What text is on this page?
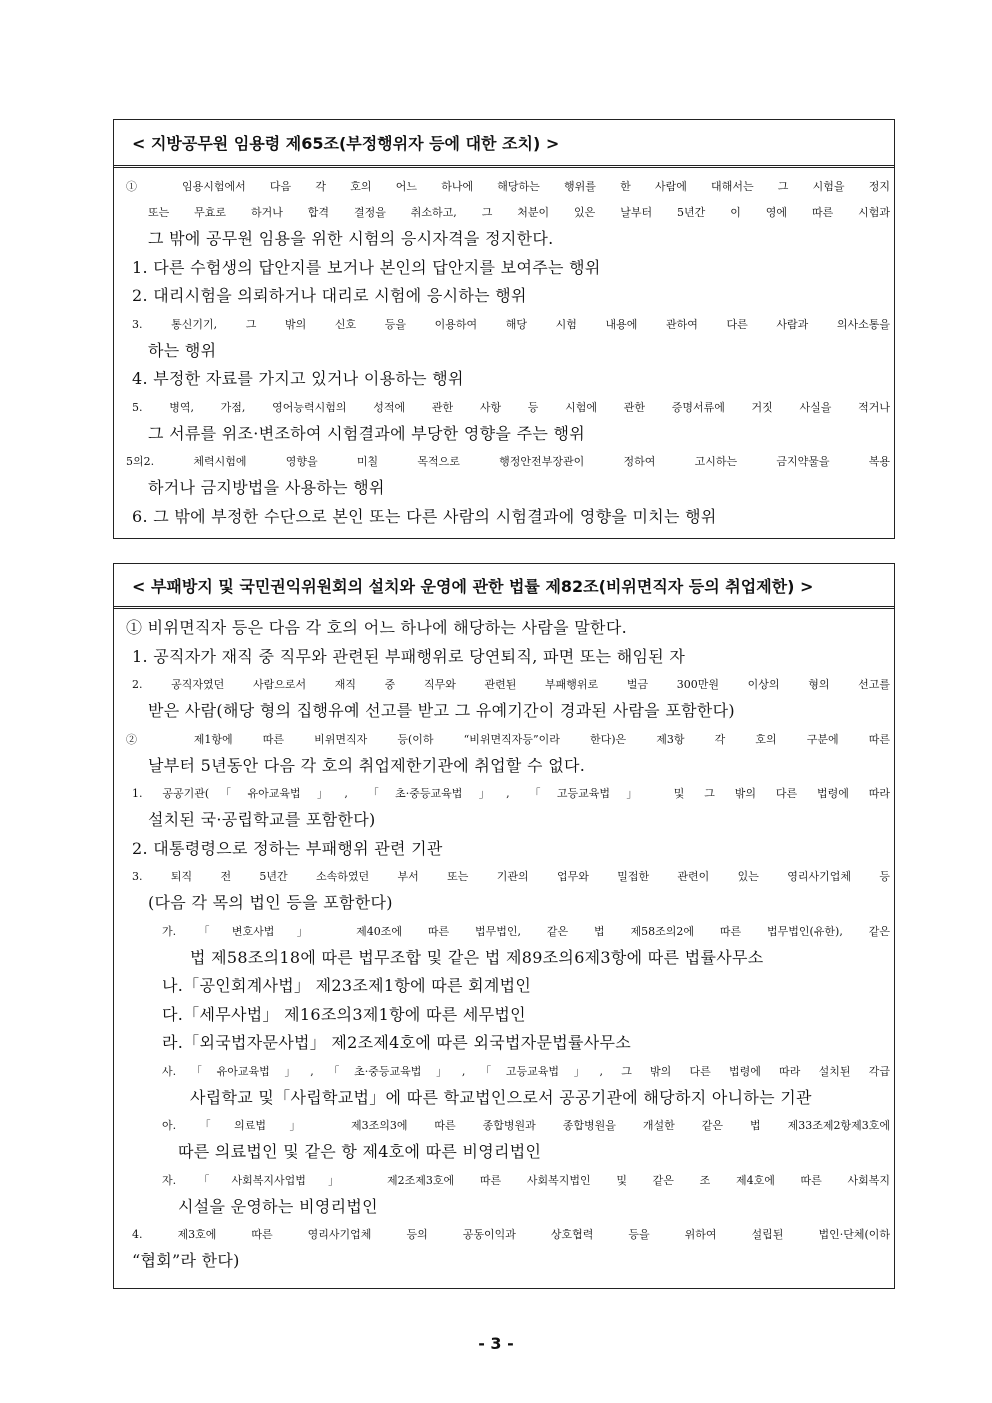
< 지방공무원 임용령 제65조(부정행위자 등에 대한 조치) >
① 임용시험에서 다음 각 호의 어느 하나에 해당하는 행위를 한 사람에 대해서는 그 시험을 정지
또는 무효로 하거나 합격 결정을 취소하고, 그 처분이 있은 날부터 5년간 이 영에 따른 시험과
그 밖에 공무원 임용을 위한 시험의 응시자격을 정지한다.
1. 다른 수험생의 답안지를 보거나 본인의 답안지를 보여주는 행위
2. 대리시험을 의뢰하거나 대리로 시험에 응시하는 행위
3. 통신기기, 그 밖의 신호 등을 이용하여 해당 시험 내용에 관하여 다른 사람과 의사소통을
하는 행위
4. 부정한 자료를 가지고 있거나 이용하는 행위
5. 병역, 가점, 영어능력시험의 성적에 관한 사항 등 시험에 관한 증명서류에 거짓 사실을 적거나
그 서류를 위조·변조하여 시험결과에 부당한 영향을 주는 행위
5의2. 체력시험에 영향을 미칠 목적으로 행정안전부장관이 정하여 고시하는 금지약물을 복용
하거나 금지방법을 사용하는 행위
6. 그 밖에 부정한 수단으로 본인 또는 다른 사람의 시험결과에 영향을 미치는 행위
< 부패방지 및 국민권익위원회의 설치와 운영에 관한 법률 제82조(비위면직자 등의 취업제한) >
① 비위면직자 등은 다음 각 호의 어느 하나에 해당하는 사람을 말한다.
1. 공직자가 재직 중 직무와 관련된 부패행위로 당연퇴직, 파면 또는 해임된 자
2. 공직자였던 사람으로서 재직 중 직무와 관련된 부패행위로 벌금 300만원 이상의 형의 선고를
받은 사람(해당 형의 집행유예 선고를 받고 그 유예기간이 경과된 사람을 포함한다)
② 제1항에 따른 비위면직자 등(이하 “비위면직자등”이라 한다)은 제3항 각 호의 구분에 따른
날부터 5년동안 다음 각 호의 취업제한기관에 취업할 수 없다.
1. 공공기관(「유아교육법」, 「초·중등교육법」, 「고등교육법」 및 그 밖의 다른 법령에 따라
설치된 국·공립학교를 포함한다)
2. 대통령령으로 정하는 부패행위 관련 기관
3. 퇴직 전 5년간 소속하였던 부서 또는 기관의 업무와 밀접한 관련이 있는 영리사기업체 등
(다음 각 목의 법인 등을 포함한다)
가.「변호사법」 제40조에 따른 법무법인, 같은 법 제58조의2에 따른 법무법인(유한), 같은
법 제58조의18에 따른 법무조합 및 같은 법 제89조의6제3항에 따른 법률사무소
나.「공인회계사법」 제23조제1항에 따른 회계법인
다.「세무사법」 제16조의3제1항에 따른 세무법인
라.「외국법자문사법」 제2조제4호에 따른 외국법자문법률사무소
사.「유아교육법」,「초·중등교육법」,「고등교육법」, 그 밖의 다른 법령에 따라 설치된 각급
사립학교 및「사립학교법」에 따른 학교법인으로서 공공기관에 해당하지 아니하는 기관
아.「의료법」 제3조의3에 따른 종합병원과 종합병원을 개설한 같은 법 제33조제2항제3호에
따른 의료법인 및 같은 항 제4호에 따른 비영리법인
자.「사회복지사업법」 제2조제3호에 따른 사회복지법인 및 같은 조 제4호에 따른 사회복지
시설을 운영하는 비영리법인
4. 제3호에 따른 영리사기업체 등의 공동이익과 상호협력 등을 위하여 설립된 법인·단체(이하
“협회”라 한다)
- 3 -
